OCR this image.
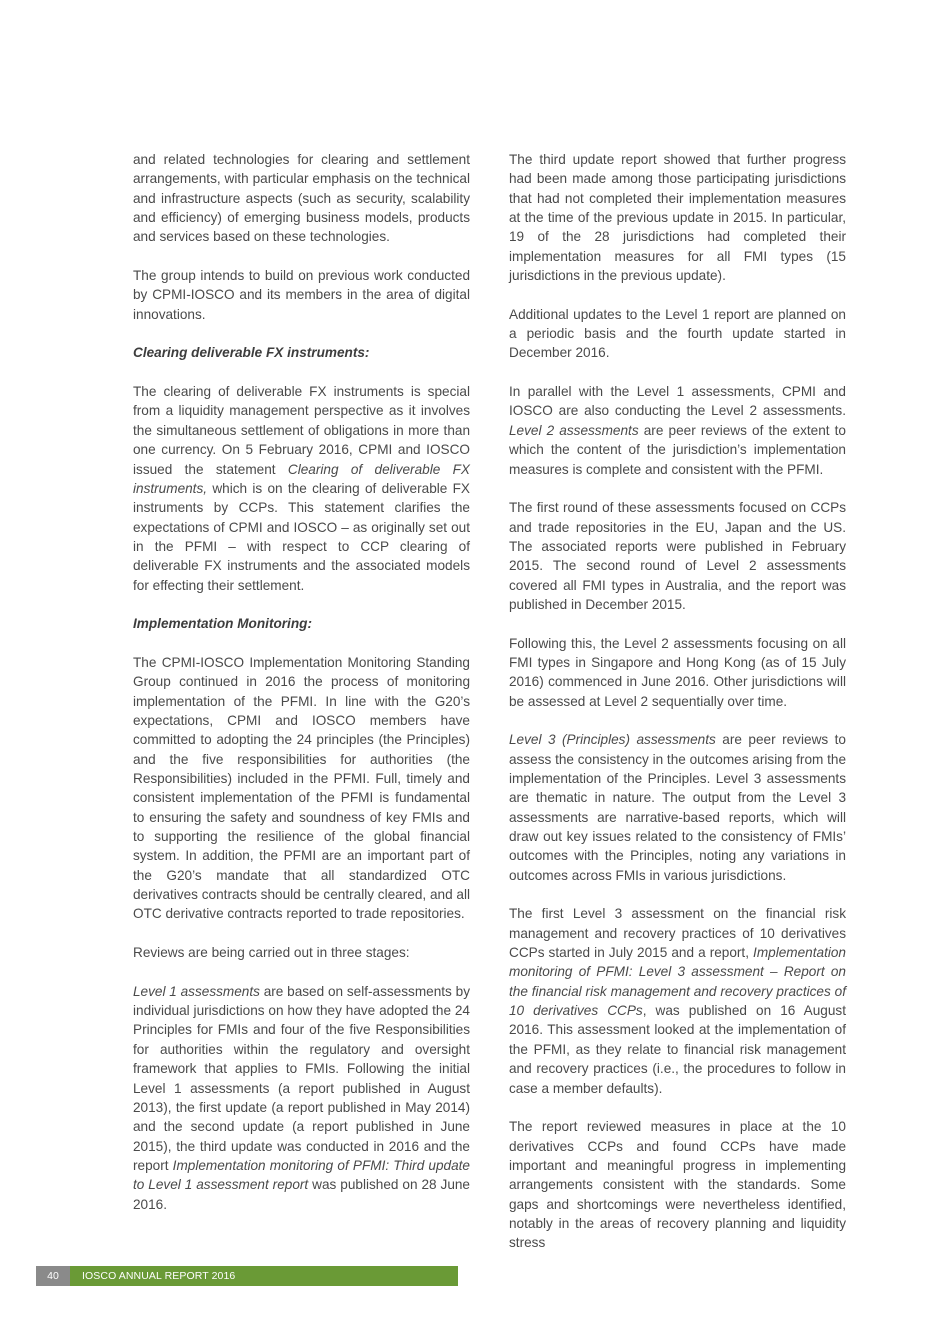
and related technologies for clearing and settlement arrangements, with particular emphasis on the technical and infrastructure aspects (such as security, scalability and efficiency) of emerging business models, products and services based on these technologies.

The group intends to build on previous work conducted by CPMI-IOSCO and its members in the area of digital innovations.

Clearing deliverable FX instruments:

The clearing of deliverable FX instruments is special from a liquidity management perspective as it involves the simultaneous settlement of obligations in more than one currency. On 5 February 2016, CPMI and IOSCO issued the statement Clearing of deliverable FX instruments, which is on the clearing of deliverable FX instruments by CCPs. This statement clarifies the expectations of CPMI and IOSCO – as originally set out in the PFMI – with respect to CCP clearing of deliverable FX instruments and the associated models for effecting their settlement.

Implementation Monitoring:

The CPMI-IOSCO Implementation Monitoring Standing Group continued in 2016 the process of monitoring implementation of the PFMI. In line with the G20’s expectations, CPMI and IOSCO members have committed to adopting the 24 principles (the Principles) and the five responsibilities for authorities (the Responsibilities) included in the PFMI. Full, timely and consistent implementation of the PFMI is fundamental to ensuring the safety and soundness of key FMIs and to supporting the resilience of the global financial system. In addition, the PFMI are an important part of the G20’s mandate that all standardized OTC derivatives contracts should be centrally cleared, and all OTC derivative contracts reported to trade repositories.

Reviews are being carried out in three stages:

Level 1 assessments are based on self-assessments by individual jurisdictions on how they have adopted the 24 Principles for FMIs and four of the five Responsibilities for authorities within the regulatory and oversight framework that applies to FMIs. Following the initial Level 1 assessments (a report published in August 2013), the first update (a report published in May 2014) and the second update (a report published in June 2015), the third update was conducted in 2016 and the report Implementation monitoring of PFMI: Third update to Level 1 assessment report was published on 28 June 2016.

The third update report showed that further progress had been made among those participating jurisdictions that had not completed their implementation measures at the time of the previous update in 2015. In particular, 19 of the 28 jurisdictions had completed their implementation measures for all FMI types (15 jurisdictions in the previous update).

Additional updates to the Level 1 report are planned on a periodic basis and the fourth update started in December 2016.

In parallel with the Level 1 assessments, CPMI and IOSCO are also conducting the Level 2 assessments. Level 2 assessments are peer reviews of the extent to which the content of the jurisdiction’s implementation measures is complete and consistent with the PFMI.

The first round of these assessments focused on CCPs and trade repositories in the EU, Japan and the US. The associated reports were published in February 2015. The second round of Level 2 assessments covered all FMI types in Australia, and the report was published in December 2015.

Following this, the Level 2 assessments focusing on all FMI types in Singapore and Hong Kong (as of 15 July 2016) commenced in June 2016. Other jurisdictions will be assessed at Level 2 sequentially over time.

Level 3 (Principles) assessments are peer reviews to assess the consistency in the outcomes arising from the implementation of the Principles. Level 3 assessments are thematic in nature. The output from the Level 3 assessments are narrative-based reports, which will draw out key issues related to the consistency of FMIs’ outcomes with the Principles, noting any variations in outcomes across FMIs in various jurisdictions.

The first Level 3 assessment on the financial risk management and recovery practices of 10 derivatives CCPs started in July 2015 and a report, Implementation monitoring of PFMI: Level 3 assessment – Report on the financial risk management and recovery practices of 10 derivatives CCPs, was published on 16 August 2016. This assessment looked at the implementation of the PFMI, as they relate to financial risk management and recovery practices (i.e., the procedures to follow in case a member defaults).

The report reviewed measures in place at the 10 derivatives CCPs and found CCPs have made important and meaningful progress in implementing arrangements consistent with the standards. Some gaps and shortcomings were nevertheless identified, notably in the areas of recovery planning and liquidity stress

40	IOSCO ANNUAL REPORT 2016
